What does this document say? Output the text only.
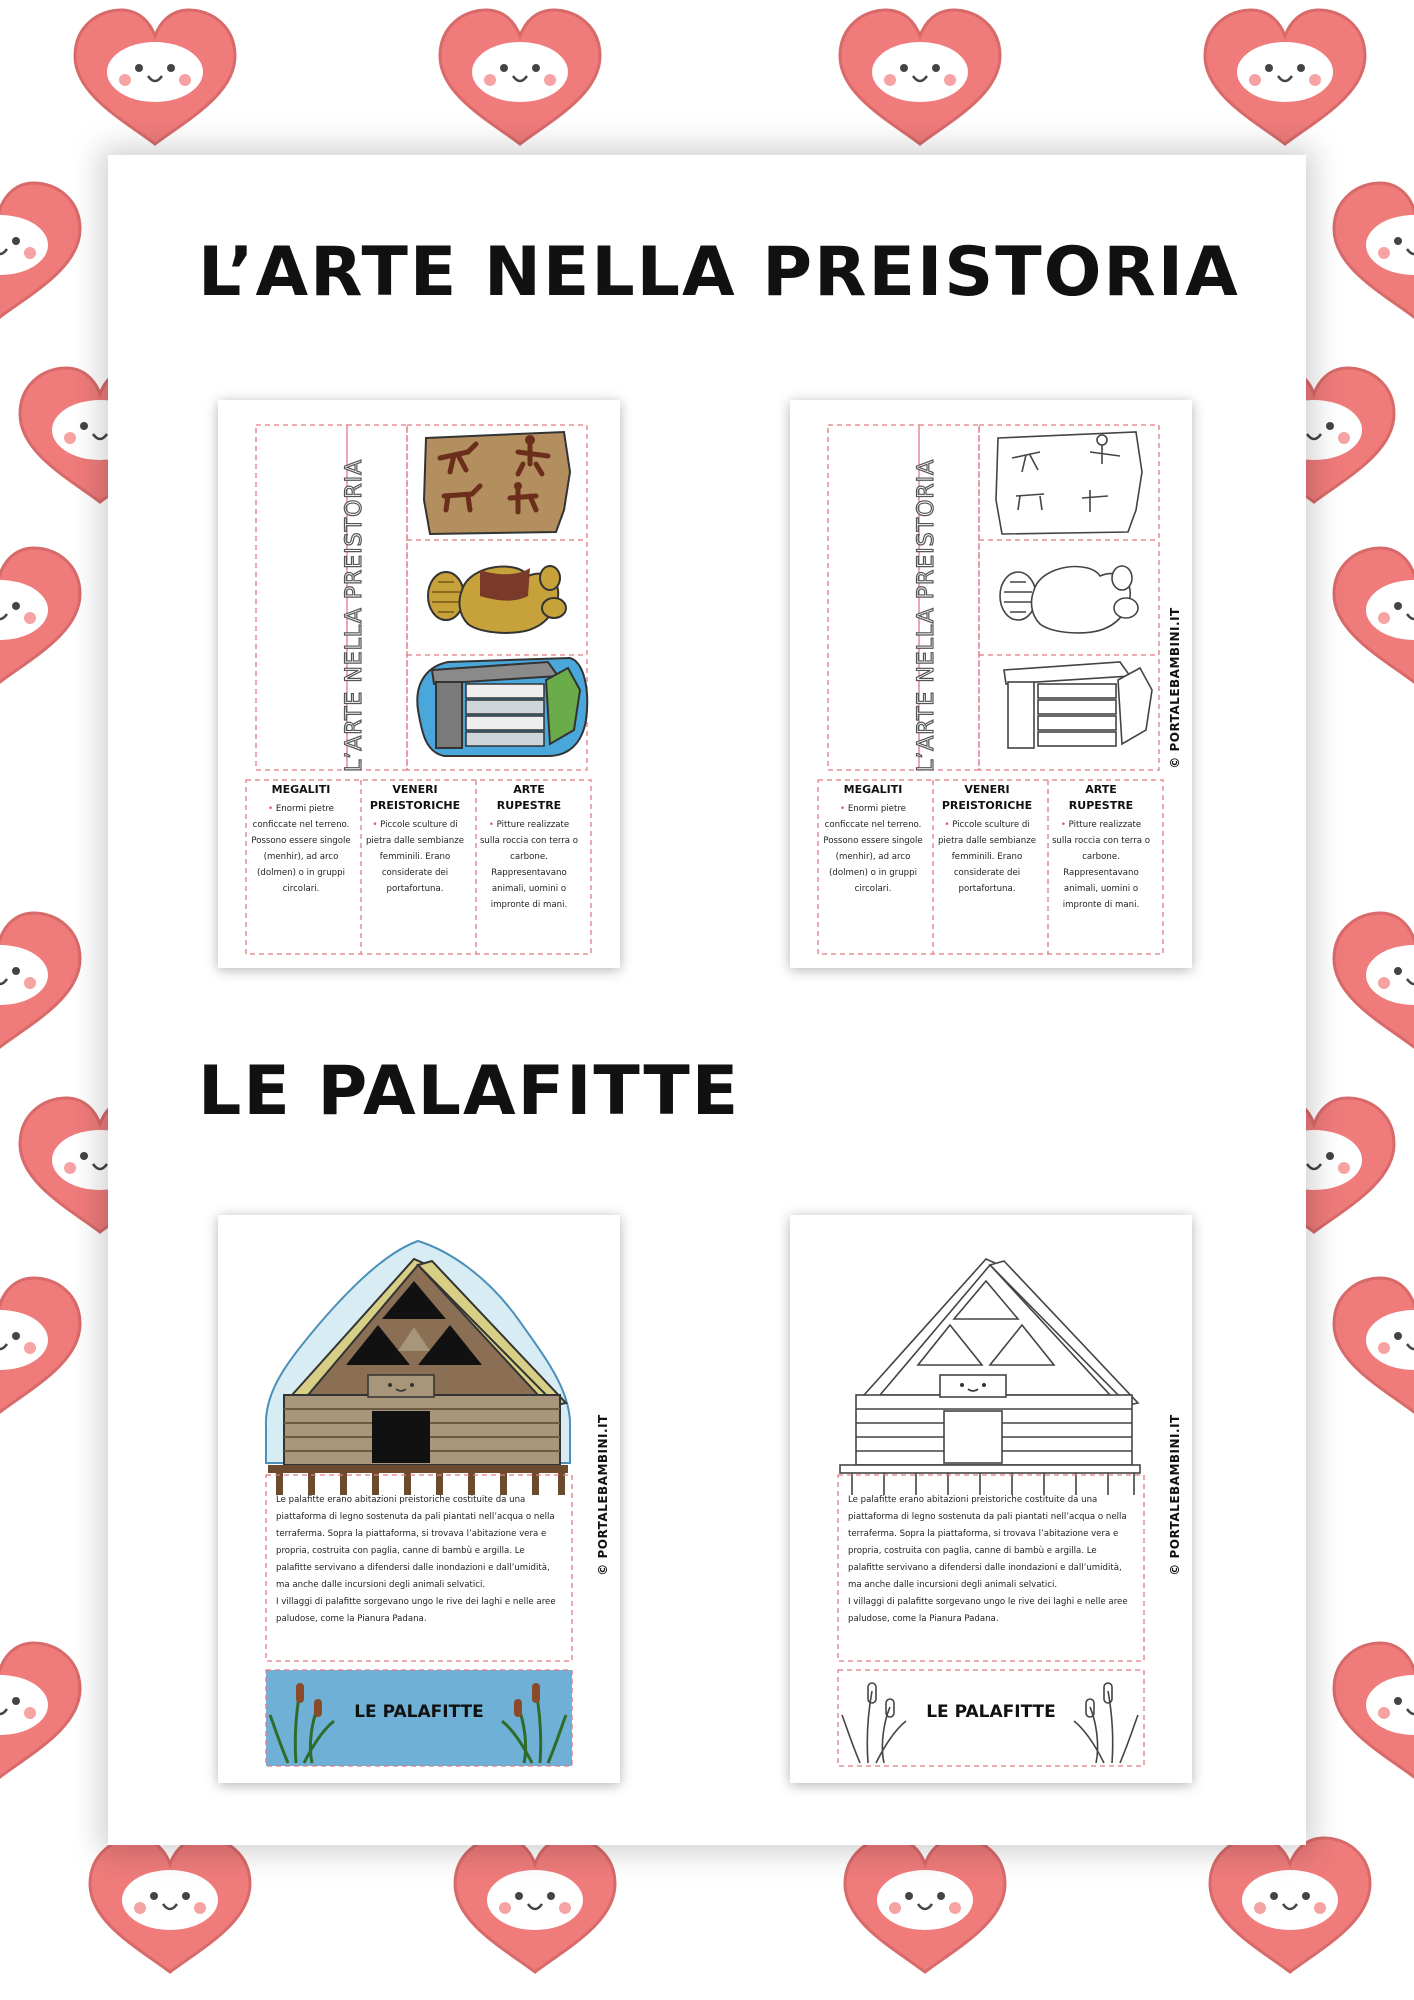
L’ARTE NELLA PREISTORIA
L’ARTE NELLA PREISTORIA
MEGALITI

• Enormi pietre conficcate nel terreno. Possono essere singole (menhir), ad arco (dolmen) o in gruppi circolari.

VENERI
PREISTORICHE

• Piccole sculture di pietra dalle sembianze femminili. Erano considerate dei portafortuna.

ARTE
RUPESTRE

• Pitture realizzate sulla roccia con terra o carbone. Rappresentavano animali, uomini o impronte di mani.

L’ARTE NELLA PREISTORIA
MEGALITI

• Enormi pietre conficcate nel terreno. Possono essere singole (menhir), ad arco (dolmen) o in gruppi circolari.

VENERI
PREISTORICHE

• Piccole sculture di pietra dalle sembianze femminili. Erano considerate dei portafortuna.

ARTE
RUPESTRE

• Pitture realizzate sulla roccia con terra o carbone. Rappresentavano animali, uomini o impronte di mani.

© PORTALEBAMBINI.IT
LE PALAFITTE
Le palafitte erano abitazioni preistoriche costituite da una piattaforma di legno sostenuta da pali piantati nell’acqua o nella terraferma. Sopra la piattaforma, si trovava l’abitazione vera e propria, costruita con paglia, canne di bambù e argilla. Le palafitte servivano a difendersi dalle inondazioni e dall’umidità, ma anche dalle incursioni degli animali selvatici.
I villaggi di palafitte sorgevano ungo le rive dei laghi e nelle aree paludose, come la Pianura Padana.
LE PALAFITTE
© PORTALEBAMBINI.IT	Le palafitte erano abitazioni preistoriche costituite da una piattaforma di legno sostenuta da pali piantati nell’acqua o nella terraferma. Sopra la piattaforma, si trovava l’abitazione vera e propria, costruita con paglia, canne di bambù e argilla. Le palafitte servivano a difendersi dalle inondazioni e dall’umidità, ma anche dalle incursioni degli animali selvatici.
I villaggi di palafitte sorgevano ungo le rive dei laghi e nelle aree paludose, come la Pianura Padana.
LE PALAFITTE
© PORTALEBAMBINI.IT
